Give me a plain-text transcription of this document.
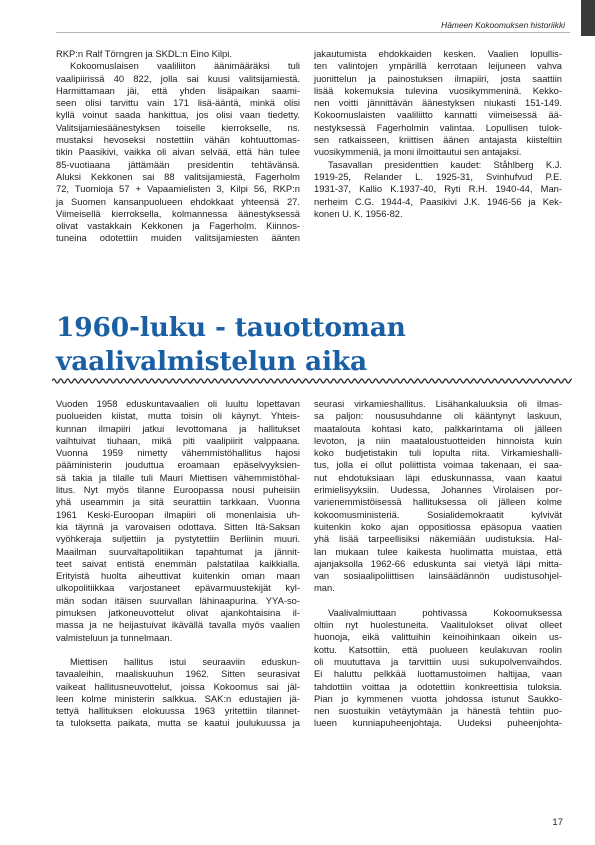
Hämeen Kokoomuksen historiikki

RKP:n Ralf Törngren ja SKDL:n Eino Kilpi.

Kokoomuslaisen vaaliliiton äänimääräksi tuli

vaalipiirissä 40 822, jolla sai kuusi valitsijamiestä.
Harmittamaan jäi, että yhden lisäpaikan saami-
seen olisi tarvittu vain 171 lisä-ääntä, minkä olisi
kyllä voinut saada hankittua, jos olisi vaan tiedetty.
Valitsijamiesäänestyksen toiselle kierrokselle, ns.
mustaksi hevoseksi nostettiin vähän kohtuuttomas-
tikin Paasikivi, vaikka oli aivan selvää, että hän tulee
85-vuotiaana jättämään presidentin tehtävänsä.
Aluksi Kekkonen sai 88 valitsijamiestä, Fagerholm
72, Tuomioja 57 + Vapaamielisten 3, Kilpi 56, RKP:n
ja Suomen kansanpuolueen ehdokkaat yhteensä 27.
Viimeisellä kierroksella, kolmannessa äänestyksessä
olivat vastakkain Kekkonen ja Fagerholm. Kiinnos-
tuneina odotettiin muiden valitsijamiesten äänten

jakautumista ehdokkaiden kesken. Vaalien lopullis-
ten valintojen ympärillä kerrotaan leijuneen vahva
juonittelun ja painostuksen ilmapiiri, josta saattiin
lisää kokemuksia tulevina vuosikymmeninä. Kekko-
nen voitti jännittävän äänestyksen niukasti 151-149.
Kokoomuslaisten vaaliliitto kannatti viimeisessä ää-
nestyksessä Fagerholmin valintaa. Lopullisen tulok-
sen ratkaisseen, kriittisen äänen antajasta kiisteltiin
vuosikymmeniä, ja moni ilmoittautui sen antajaksi.

Tasavallan presidenttien kaudet: Ståhlberg K.J.

1919-25, Relander L. 1925-31, Svinhufvud P.E.
1931-37, Kallio K.1937-40, Ryti R.H. 1940-44, Man-
nerheim C.G. 1944-4, Paasikivi J.K. 1946-56 ja Kek-
konen U. K. 1956-82.

1960-luku - tauottoman
vaalivalmistelun aika

Vuoden 1958 eduskuntavaalien oli luultu lopettavan
puolueiden kiistat, mutta toisin oli käynyt. Yhteis-
kunnan ilmapiiri jatkui levottomana ja hallitukset
vaihtuivat tiuhaan, mikä piti vaalipiirit valppaana.
Vuonna 1959 nimetty vähemmistöhallitus hajosi
pääministerin jouduttua eroamaan epäselvyyksien-
sä takia ja tilalle tuli Mauri Miettisen vähemmistöhal-
litus. Nyt myös tilanne Euroopassa nousi puheisiin
yhä useammin ja sitä seurattiin tarkkaan. Vuonna
1961 Keski-Euroopan ilmapiiri oli monenlaisia uh-
kia täynnä ja varovaisen odottava. Sitten Itä-Saksan
vyöhkeraja suljettiin ja pystytettiin Berliinin muuri.
Maailman suurvaltapolitiikan tapahtumat ja jännit-
teet saivat entistä enemmän palstatilaa kaikkialla.
Erityistä huolta aiheuttivat kuitenkin oman maan
ulkopolitiikkaa varjostaneet epävarmuustekijät kyl-
män sodan itäisen suurvallan lähinaapurina. YYA-so-
pimuksen jatkoneuvottelut olivat ajankohtaisina il-
massa ja ne heijastuivat ikävällä tavalla myös vaalien
valmisteluun ja tunnelmaan.

Miettisen hallitus istui seuraaviin eduskun-

tavaaleihin, maaliskuuhun 1962. Sitten seurasivat
vaikeat hallitusneuvottelut, joissa Kokoomus sai jäl-
leen kolme ministerin salkkua. SAK:n edustajien jä-
tettyä hallituksen elokuussa 1963 yritettiin tilannet-
ta tuloksetta paikata, mutta se kaatui joulukuussa ja

seurasi virkamieshallitus. Lisähankaluuksia oli ilmas-
sa paljon: noususuhdanne oli kääntynyt laskuun,
maatalouta kohtasi kato, palkkarintama oli jälleen
levoton, ja niin maataloustuotteiden hinnoista kuin
koko budjetistakin tuli lopulta riita. Virkamieshalli-
tus, jolla ei ollut poliittista voimaa takenaan, ei saa-
nut ehdotuksiaan läpi eduskunnassa, vaan kaatui
erimielisyyksiin. Uudessa, Johannes Virolaisen por-
varienemmistöisessä hallituksessa oli jälleen kolme
kokoomusministeriä. Sosialidemokraatit kylvivät
kuitenkin koko ajan oppositiossa epäsopua vaatien
yhä lisää tarpeellisiksi näkemiään uudistuksia. Hal-
lan mukaan tulee kaikesta huolimatta muistaa, että
ajanjaksolla 1962-66 eduskunta sai vietyä läpi mitta-
van sosiaalipoliittisen lainsäädännön uudistusohjel-
man.

Vaalivalmiuttaan pohtivassa Kokoomuksessa

oltiin nyt huolestuneita. Vaalitulokset olivat olleet
huonoja, eikä valittuihin keinoihinkaan oikein us-
kottu. Katsottiin, että puolueen keulakuvan roolin
oli muututtava ja tarvittiin uusi sukupolvenvaihdos.
Ei haluttu pelkkää luottamustoimen haltijaa, vaan
tahdottiin voittaa ja odotettiin konkreettisia tuloksia.
Pian jo kymmenen vuotta johdossa istunut Saukko-
nen suostuikin vetäytymään ja hänestä tehtiin puo-
lueen kunniapuheenjohtaja. Uudeksi puheenjohta-

17
